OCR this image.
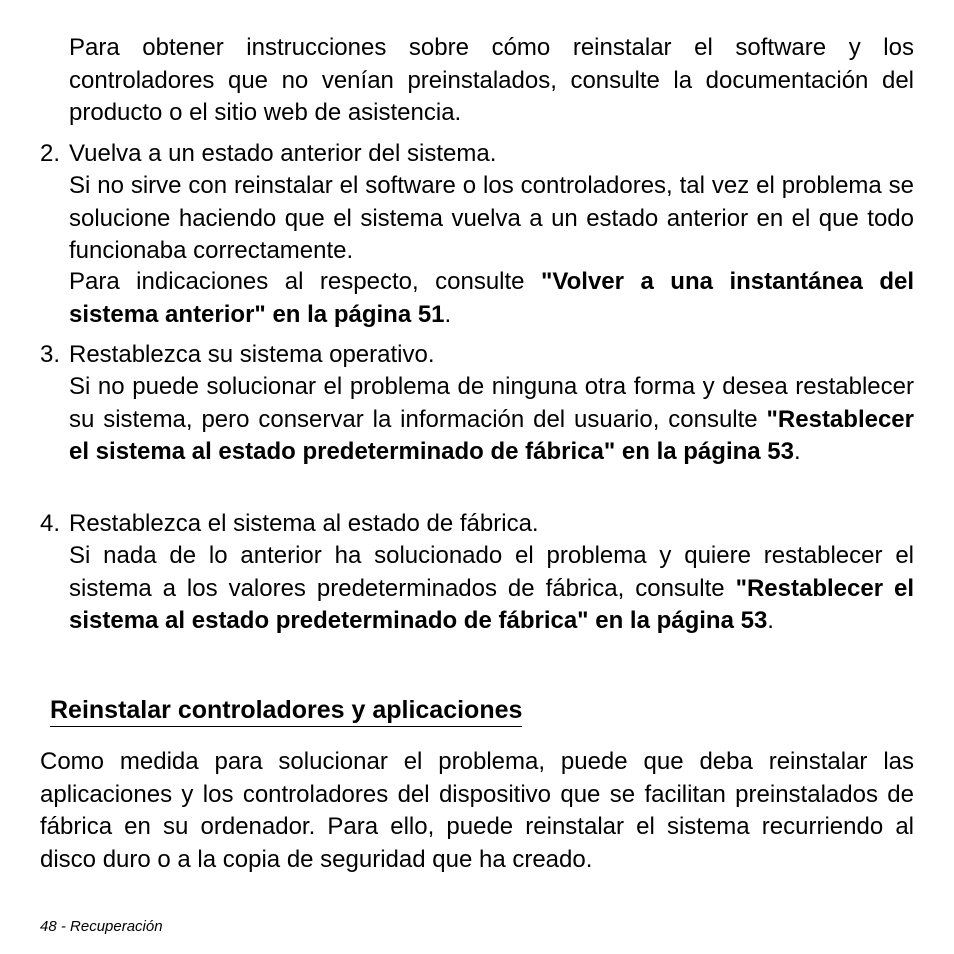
Para obtener instrucciones sobre cómo reinstalar el software y los controladores que no venían preinstalados, consulte la documentación del producto o el sitio web de asistencia.

2. Vuelva a un estado anterior del sistema.

Si no sirve con reinstalar el software o los controladores, tal vez el problema se solucione haciendo que el sistema vuelva a un estado anterior en el que todo funcionaba correctamente.

Para indicaciones al respecto, consulte "Volver a una instantánea del sistema anterior" en la página 51.

3. Restablezca su sistema operativo.

Si no puede solucionar el problema de ninguna otra forma y desea restablecer su sistema, pero conservar la información del usuario, consulte "Restablecer el sistema al estado predeterminado de fábrica" en la página 53.

4. Restablezca el sistema al estado de fábrica.

Si nada de lo anterior ha solucionado el problema y quiere restablecer el sistema a los valores predeterminados de fábrica, consulte "Restablecer el sistema al estado predeterminado de fábrica" en la página 53.

Reinstalar controladores y aplicaciones

Como medida para solucionar el problema, puede que deba reinstalar las aplicaciones y los controladores del dispositivo que se facilitan preinstalados de fábrica en su ordenador. Para ello, puede reinstalar el sistema recurriendo al disco duro o a la copia de seguridad que ha creado.

48 - Recuperación
